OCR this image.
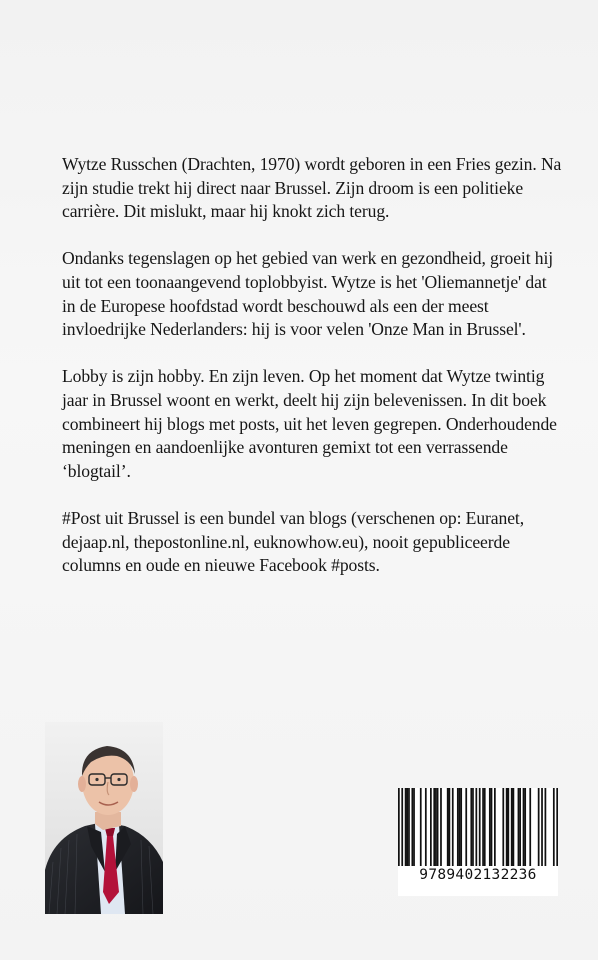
Wytze Russchen (Drachten, 1970) wordt geboren in een Fries gezin. Na zijn studie trekt hij direct naar Brussel. Zijn droom is een politieke carrière. Dit mislukt, maar hij knokt zich terug.

Ondanks tegenslagen op het gebied van werk en gezondheid, groeit hij uit tot een toonaangevend toplobbyist. Wytze is het 'Oliemannetje' dat in de Europese hoofdstad wordt beschouwd als een der meest invloedrijke Nederlanders: hij is voor velen 'Onze Man in Brussel'.

Lobby is zijn hobby. En zijn leven. Op het moment dat Wytze twintig jaar in Brussel woont en werkt, deelt hij zijn belevenissen. In dit boek combineert hij blogs met posts, uit het leven gegrepen. Onderhoudende meningen en aandoenlijke avonturen gemixt tot een verrassende ‘blogtail’.

#Post uit Brussel is een bundel van blogs (verschenen op: Euranet, dejaap.nl, thepostonline.nl, euknowhow.eu), nooit gepubliceerde columns en oude en nieuwe Facebook #posts.

9789402132236
